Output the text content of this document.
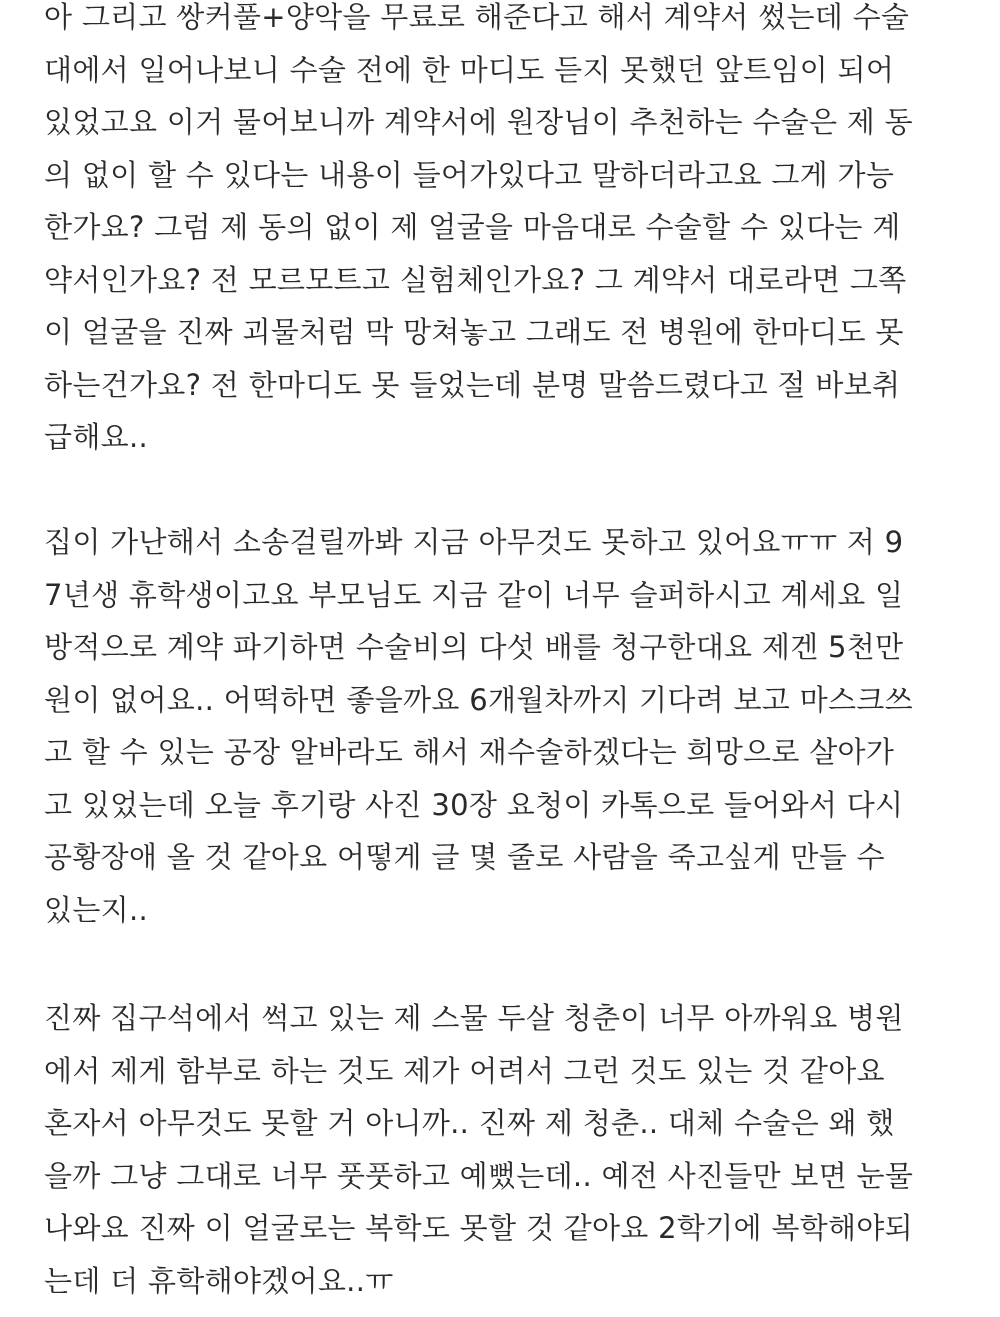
아 그리고 쌍커풀+양악을 무료로 해준다고 해서 계약서 썼는데 수술
대에서 일어나보니 수술 전에 한 마디도 듣지 못했던 앞트임이 되어
있었고요 이거 물어보니까 계약서에 원장님이 추천하는 수술은 제 동
의 없이 할 수 있다는 내용이 들어가있다고 말하더라고요 그게 가능
한가요? 그럼 제 동의 없이 제 얼굴을 마음대로 수술할 수 있다는 계
약서인가요? 전 모르모트고 실험체인가요? 그 계약서 대로라면 그쪽
이 얼굴을 진짜 괴물처럼 막 망쳐놓고 그래도 전 병원에 한마디도 못
하는건가요? 전 한마디도 못 들었는데 분명 말씀드렸다고 절 바보취
급해요..
집이 가난해서 소송걸릴까봐 지금 아무것도 못하고 있어요ㅠㅠ 저 9
7년생 휴학생이고요 부모님도 지금 같이 너무 슬퍼하시고 계세요 일
방적으로 계약 파기하면 수술비의 다섯 배를 청구한대요 제겐 5천만
원이 없어요.. 어떡하면 좋을까요 6개월차까지 기다려 보고 마스크쓰
고 할 수 있는 공장 알바라도 해서 재수술하겠다는 희망으로 살아가
고 있었는데 오늘 후기랑 사진 30장 요청이 카톡으로 들어와서 다시
공황장애 올 것 같아요 어떻게 글 몇 줄로 사람을 죽고싶게 만들 수
있는지..
진짜 집구석에서 썩고 있는 제 스물 두살 청춘이 너무 아까워요 병원
에서 제게 함부로 하는 것도 제가 어려서 그런 것도 있는 것 같아요
혼자서 아무것도 못할 거 아니까.. 진짜 제 청춘.. 대체 수술은 왜 했
을까 그냥 그대로 너무 풋풋하고 예뻤는데.. 예전 사진들만 보면 눈물
나와요 진짜 이 얼굴로는 복학도 못할 것 같아요 2학기에 복학해야되
는데 더 휴학해야겠어요..ㅠ
